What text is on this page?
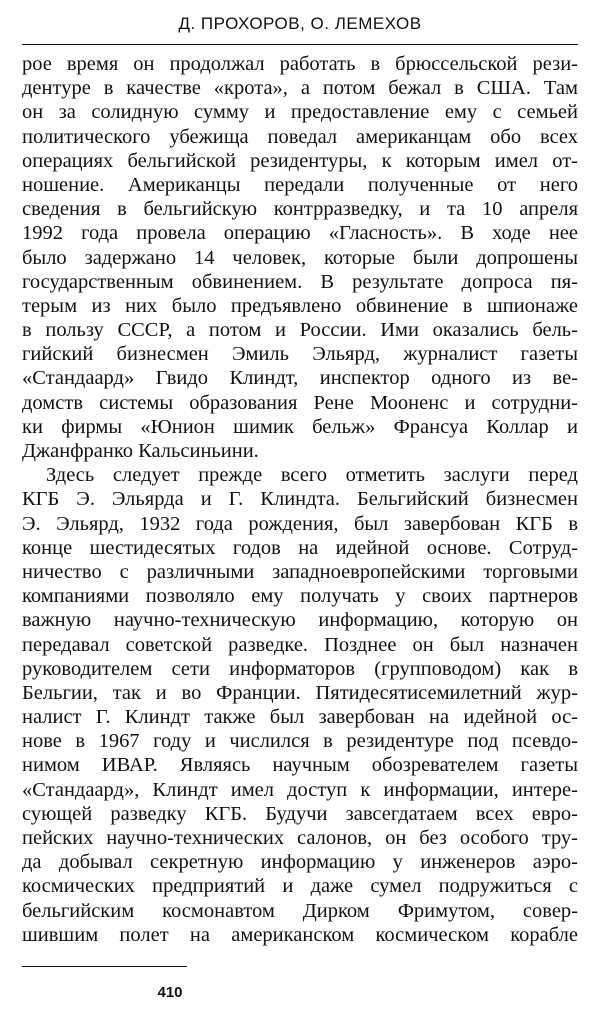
Д. ПРОХОРОВ, О. ЛЕМЕХОВ
рое время он продолжал работать в брюссельской рези-
дентуре в качестве «крота», а потом бежал в США. Там
он за солидную сумму и предоставление ему с семьей
политического убежища поведал американцам обо всех
операциях бельгийской резидентуры, к которым имел от-
ношение. Американцы передали полученные от него
сведения в бельгийскую контрразведку, и та 10 апреля
1992 года провела операцию «Гласность». В ходе нее
было задержано 14 человек, которые были допрошены
государственным обвинением. В результате допроса пя-
терым из них было предъявлено обвинение в шпионаже
в пользу СССР, а потом и России. Ими оказались бель-
гийский бизнесмен Эмиль Эльярд, журналист газеты
«Стандаард» Гвидо Клиндт, инспектор одного из ве-
домств системы образования Рене Мооненс и сотрудни-
ки фирмы «Юнион шимик бельж» Франсуа Коллар и
Джанфранко Кальсиньини.
Здесь следует прежде всего отметить заслуги перед
КГБ Э. Эльярда и Г. Клиндта. Бельгийский бизнесмен
Э. Эльярд, 1932 года рождения, был завербован КГБ в
конце шестидесятых годов на идейной основе. Сотруд-
ничество с различными западноевропейскими торговыми
компаниями позволяло ему получать у своих партнеров
важную научно-техническую информацию, которую он
передавал советской разведке. Позднее он был назначен
руководителем сети информаторов (групповодом) как в
Бельгии, так и во Франции. Пятидесятисемилетний жур-
налист Г. Клиндт также был завербован на идейной ос-
нове в 1967 году и числился в резидентуре под псевдо-
нимом ИВАР. Являясь научным обозревателем газеты
«Стандаард», Клиндт имел доступ к информации, интере-
сующей разведку КГБ. Будучи завсегдатаем всех евро-
пейских научно-технических салонов, он без особого тру-
да добывал секретную информацию у инженеров аэро-
космических предприятий и даже сумел подружиться с
бельгийским космонавтом Дирком Фримутом, совер-
шившим полет на американском космическом корабле
410
